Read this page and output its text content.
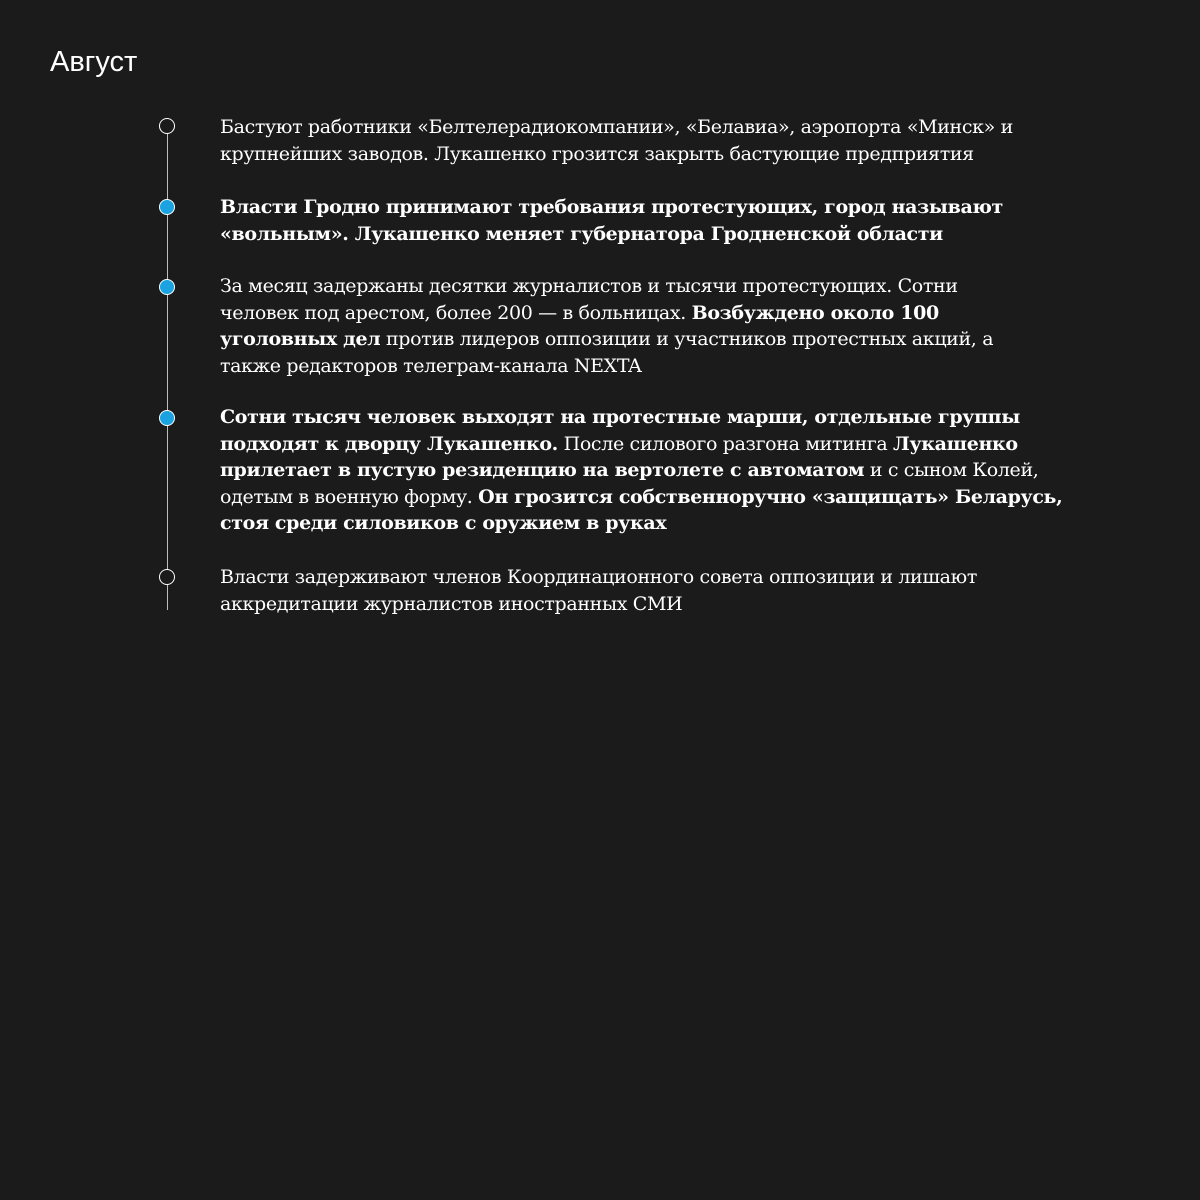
Август

Бастуют работники «Белтелерадиокомпании», «Белавиа», аэропорта «Минск» и крупнейших заводов. Лукашенко грозится закрыть бастующие предприятия

Власти Гродно принимают требования протестующих, город называют «вольным». Лукашенко меняет губернатора Гродненской области

За месяц задержаны десятки журналистов и тысячи протестующих. Сотни человек под арестом, более 200 — в больницах. Возбуждено около 100 уголовных дел против лидеров оппозиции и участников протестных акций, а также редакторов телеграм-канала NEXTA

Сотни тысяч человек выходят на протестные марши, отдельные группы подходят к дворцу Лукашенко. После силового разгона митинга Лукашенко прилетает в пустую резиденцию на вертолете с автоматом и с сыном Колей, одетым в военную форму. Он грозится собственноручно «защищать» Беларусь, стоя среди силовиков с оружием в руках

Власти задерживают членов Координационного совета оппозиции и лишают аккредитации журналистов иностранных СМИ
